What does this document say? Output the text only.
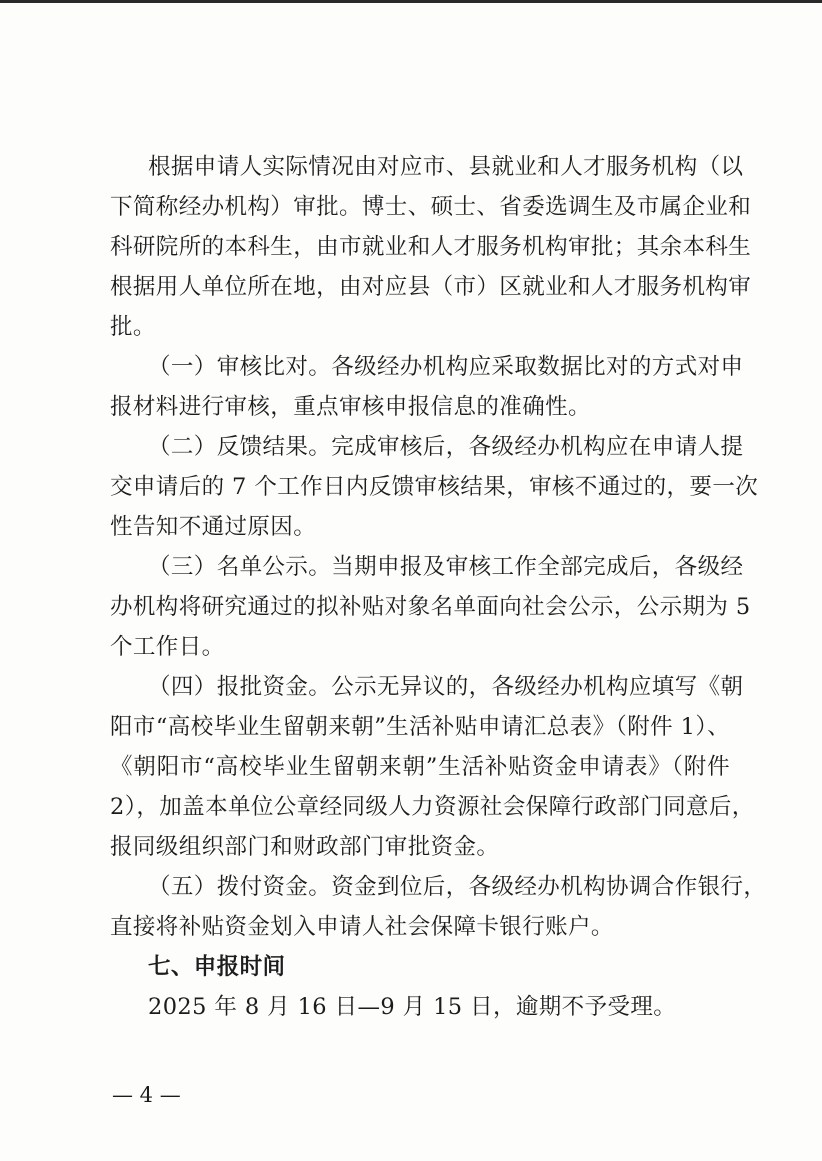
根据申请人实际情况由对应市、县就业和人才服务机构（以
下简称经办机构）审批。博士、硕士、省委选调生及市属企业和
科研院所的本科生，由市就业和人才服务机构审批；其余本科生
根据用人单位所在地，由对应县（市）区就业和人才服务机构审
批。
（一）审核比对。各级经办机构应采取数据比对的方式对申
报材料进行审核，重点审核申报信息的准确性。
（二）反馈结果。完成审核后，各级经办机构应在申请人提
交申请后的 7 个工作日内反馈审核结果，审核不通过的，要一次
性告知不通过原因。
（三）名单公示。当期申报及审核工作全部完成后，各级经
办机构将研究通过的拟补贴对象名单面向社会公示，公示期为 5
个工作日。
（四）报批资金。公示无异议的，各级经办机构应填写《朝
阳市“高校毕业生留朝来朝”生活补贴申请汇总表》（附件 1）、
《朝阳市“高校毕业生留朝来朝”生活补贴资金申请表》（附件
2），加盖本单位公章经同级人力资源社会保障行政部门同意后，
报同级组织部门和财政部门审批资金。
（五）拨付资金。资金到位后，各级经办机构协调合作银行，
直接将补贴资金划入申请人社会保障卡银行账户。
七、申报时间
2025 年 8 月 16 日—9 月 15 日，逾期不予受理。
— 4 —
